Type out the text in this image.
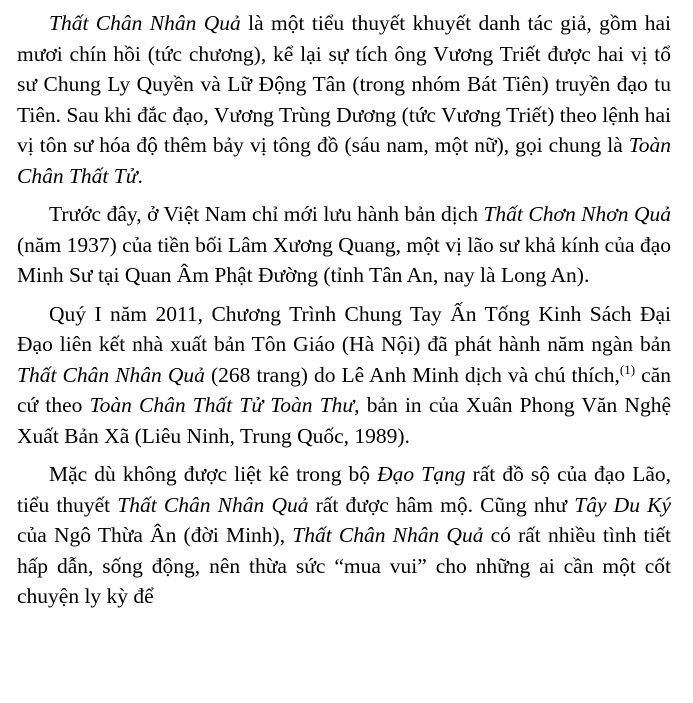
Thất Chân Nhân Quả là một tiểu thuyết khuyết danh tác giả, gồm hai mươi chín hồi (tức chương), kể lại sự tích ông Vương Triết được hai vị tổ sư Chung Ly Quyền và Lữ Động Tân (trong nhóm Bát Tiên) truyền đạo tu Tiên. Sau khi đắc đạo, Vương Trùng Dương (tức Vương Triết) theo lệnh hai vị tôn sư hóa độ thêm bảy vị tông đồ (sáu nam, một nữ), gọi chung là Toàn Chân Thất Tử.

Trước đây, ở Việt Nam chỉ mới lưu hành bản dịch Thất Chơn Nhơn Quả (năm 1937) của tiền bối Lâm Xương Quang, một vị lão sư khả kính của đạo Minh Sư tại Quan Âm Phật Đường (tỉnh Tân An, nay là Long An).

Quý I năm 2011, Chương Trình Chung Tay Ấn Tống Kinh Sách Đại Đạo liên kết nhà xuất bản Tôn Giáo (Hà Nội) đã phát hành năm ngàn bản Thất Chân Nhân Quả (268 trang) do Lê Anh Minh dịch và chú thích,$^{(1)}$ căn cứ theo Toàn Chân Thất Tử Toàn Thư, bản in của Xuân Phong Văn Nghệ Xuất Bản Xã (Liêu Ninh, Trung Quốc, 1989).

Mặc dù không được liệt kê trong bộ Đạo Tạng rất đồ sộ của đạo Lão, tiểu thuyết Thất Chân Nhân Quả rất được hâm mộ. Cũng như Tây Du Ký của Ngô Thừa Ân (đời Minh), Thất Chân Nhân Quả có rất nhiều tình tiết hấp dẫn, sống động, nên thừa sức “mua vui” cho những ai cần một cốt chuyện ly kỳ để
